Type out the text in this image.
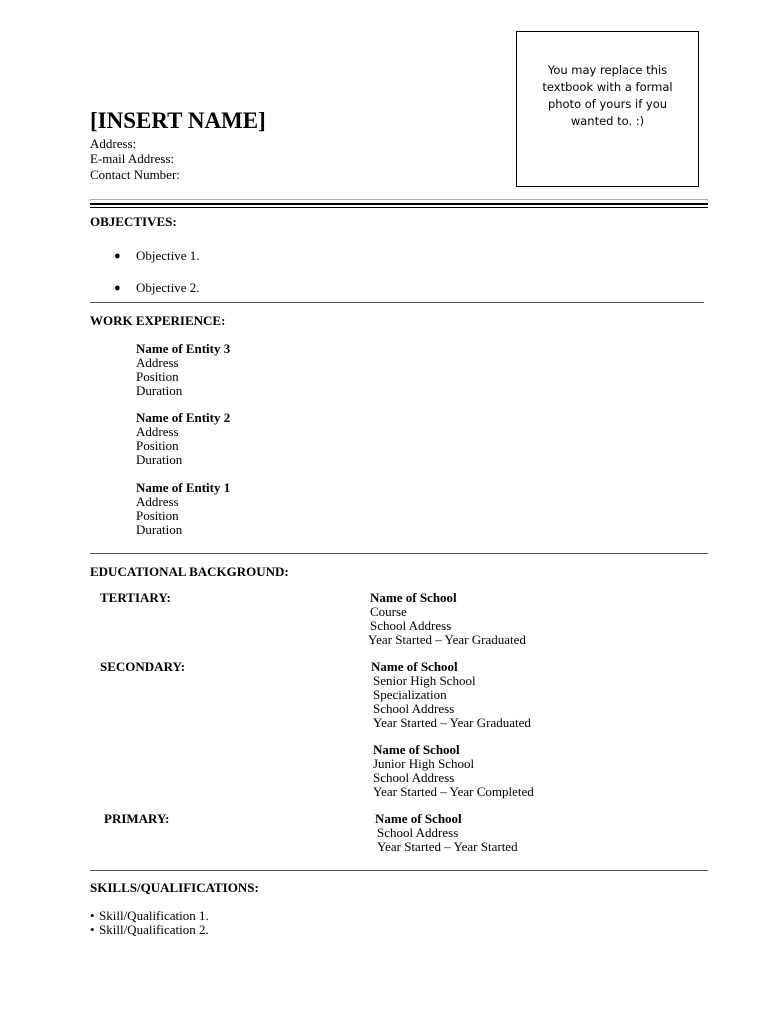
You may replace this textbook with a formal photo of yours if you wanted to. :)
[INSERT NAME]
Address:
E-mail Address:
Contact Number:
OBJECTIVES:
● Objective 1.
● Objective 2.
WORK EXPERIENCE:
Name of Entity 3
Address
Position
Duration
Name of Entity 2
Address
Position
Duration
Name of Entity 1
Address
Position
Duration
EDUCATIONAL BACKGROUND:
TERTIARY:	Name of School
Course
School Address
Year Started – Year Graduated
SECONDARY:	Name of School
Senior High School
Specialization
School Address
Year Started – Year Graduated
Name of School
Junior High School
School Address
Year Started – Year Completed
PRIMARY:	Name of School
School Address
Year Started – Year Started
SKILLS/QUALIFICATIONS:
• Skill/Qualification 1.
• Skill/Qualification 2.
